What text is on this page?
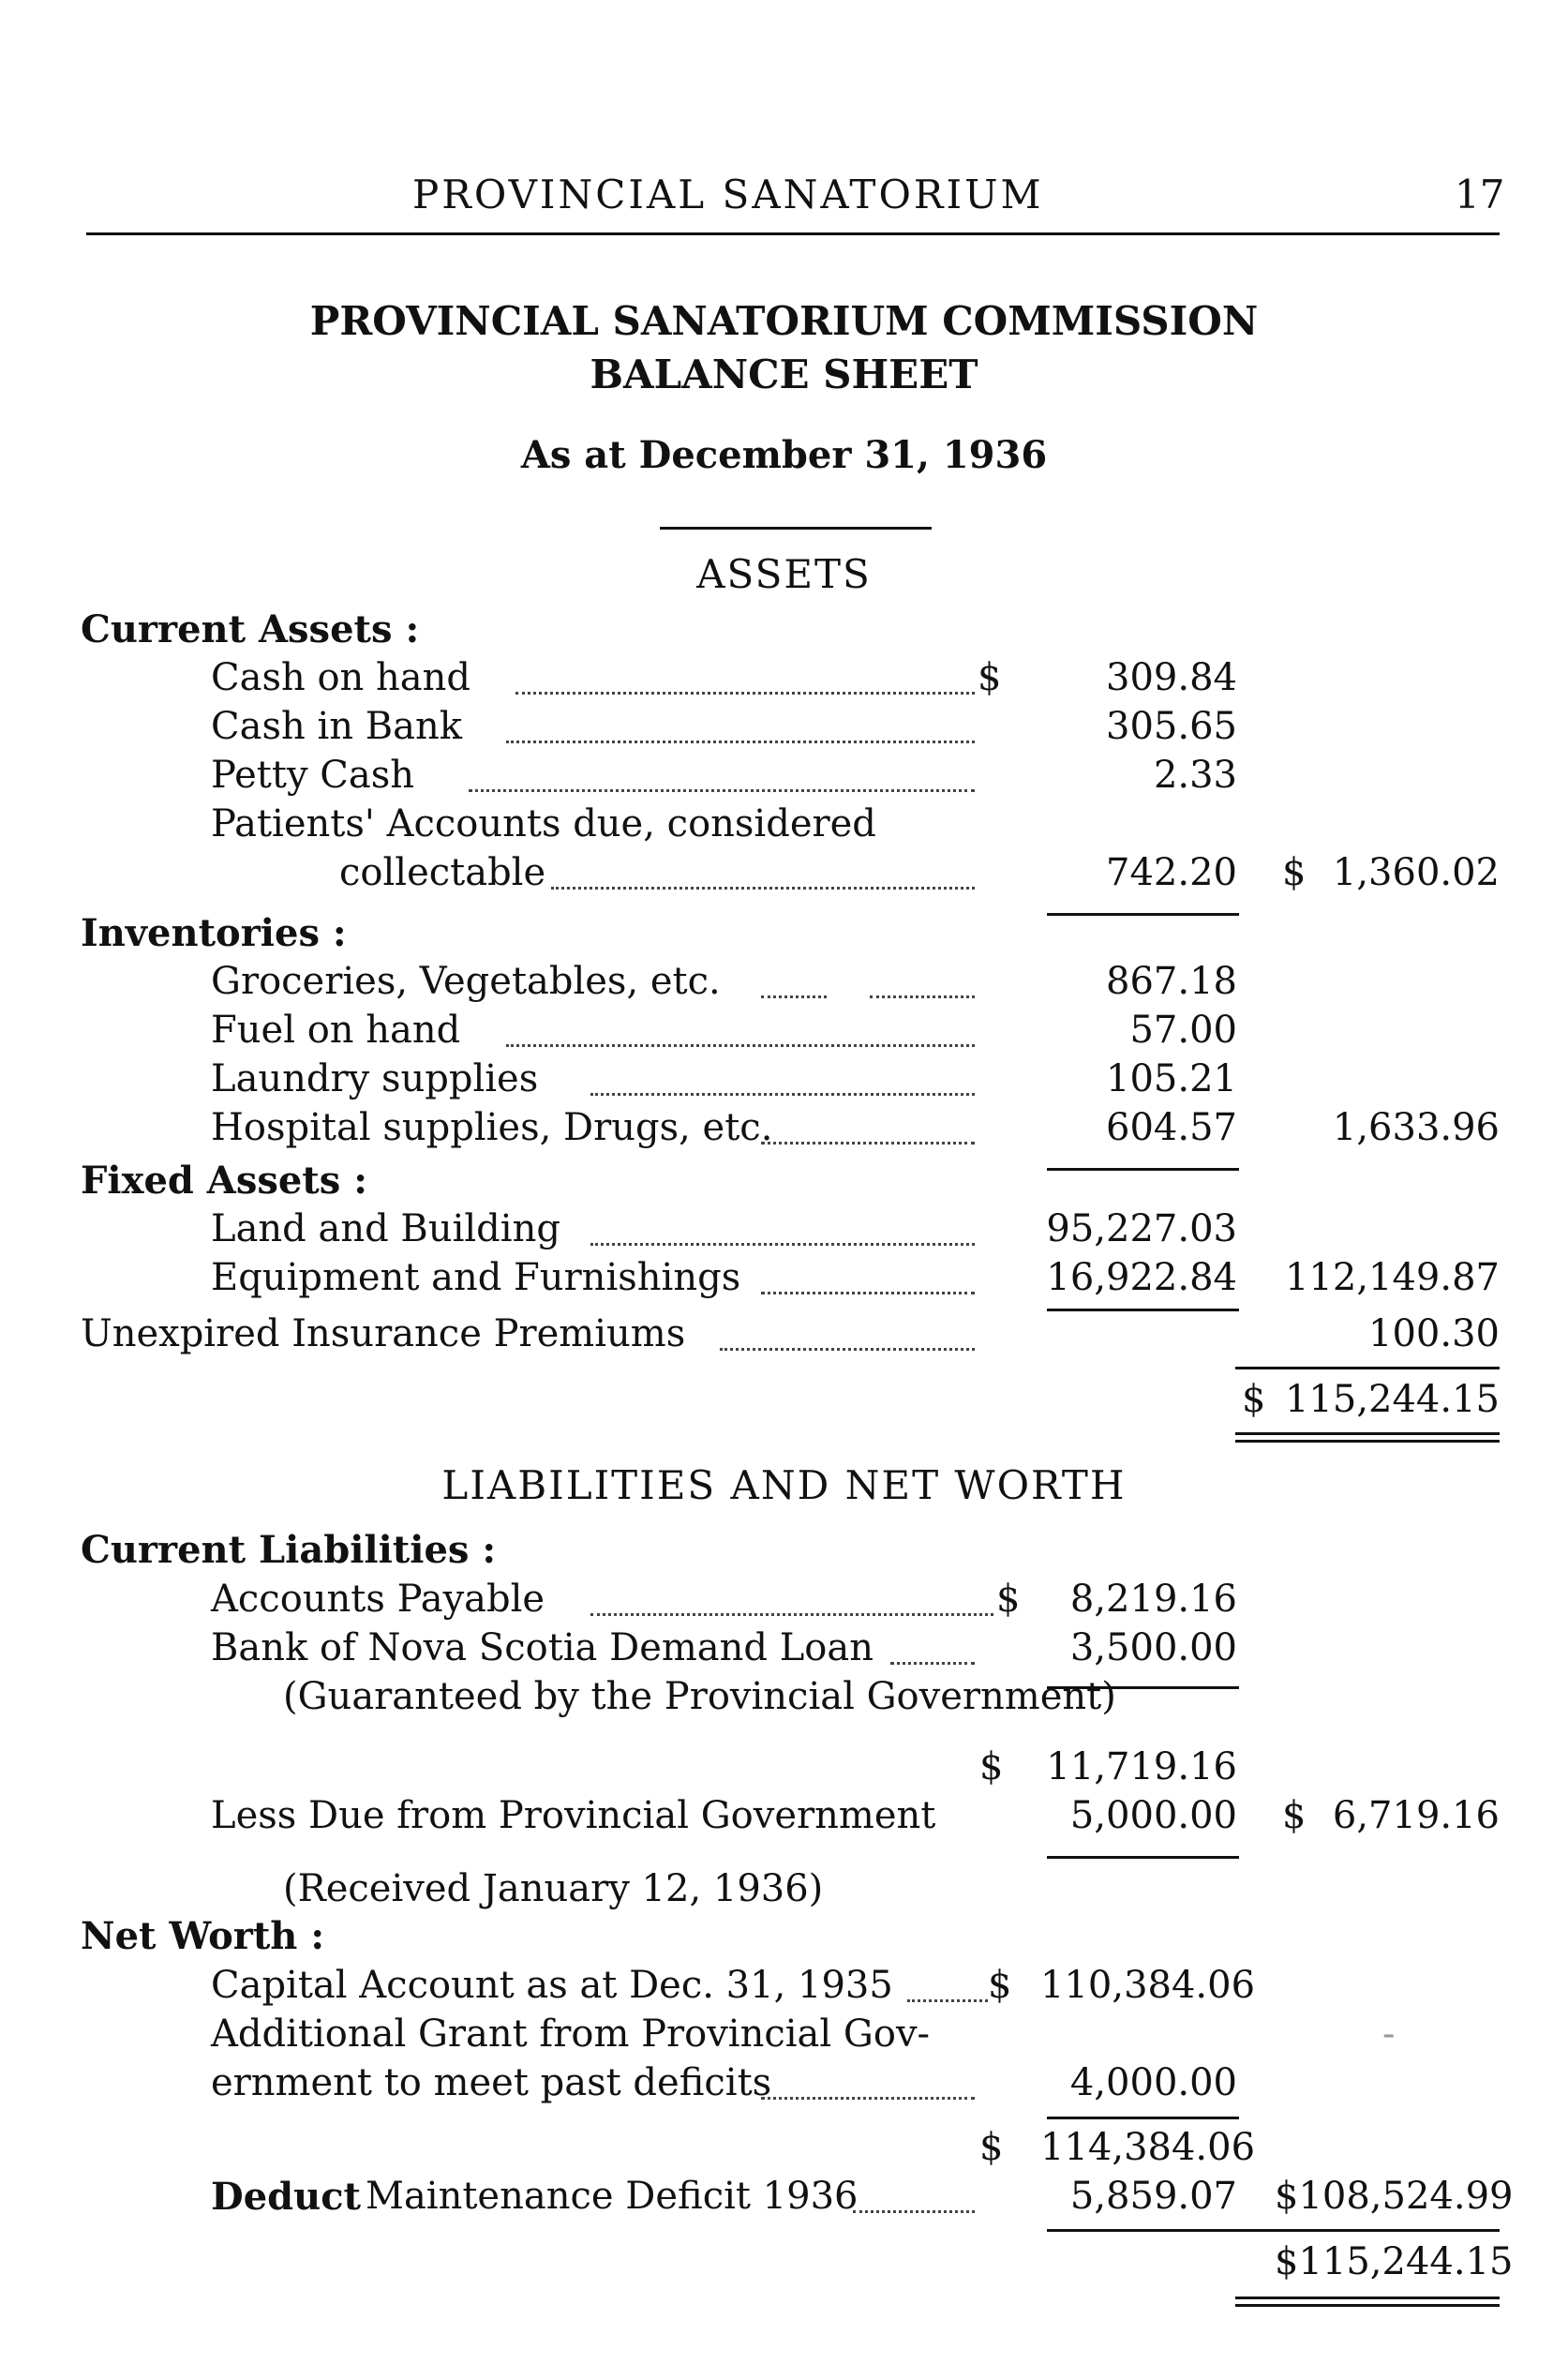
PROVINCIAL SANATORIUM	17
PROVINCIAL SANATORIUM COMMISSION
BALANCE SHEET
As at December 31, 1936
ASSETS
Current Assets :
Cash on hand	$	309.84
Cash in Bank	305.65
Petty Cash	2.33
Patients' Accounts due, considered
collectable	742.20 $ 1,360.02
Inventories :
Groceries, Vegetables, etc.	867.18
Fuel on hand	57.00
Laundry supplies	105.21
Hospital supplies, Drugs, etc.	604.57	1,633.96
Fixed Assets :
Land and Building	95,227.03
Equipment and Furnishings	16,922.84 112,149.87
Unexpired Insurance Premiums	100.30
$ 115,244.15
LIABILITIES AND NET WORTH
Current Liabilities :
Accounts Payable	$	8,219.16
Bank of Nova Scotia Demand Loan	3,500.00
(Guaranteed by the Provincial Government)
$ 11,719.16
Less Due from Provincial Government	5,000.00 $ 6,719.16
(Received January 12, 1936)
Net Worth :
Capital Account as at Dec. 31, 1935	$ 110,384.06
Additional Grant from Provincial Gov-	-
ernment to meet past deficits	4,000.00
$ 114,384.06
Deduct Maintenance Deficit 1936	5,859.07 $108,524.99
$115,244.15
